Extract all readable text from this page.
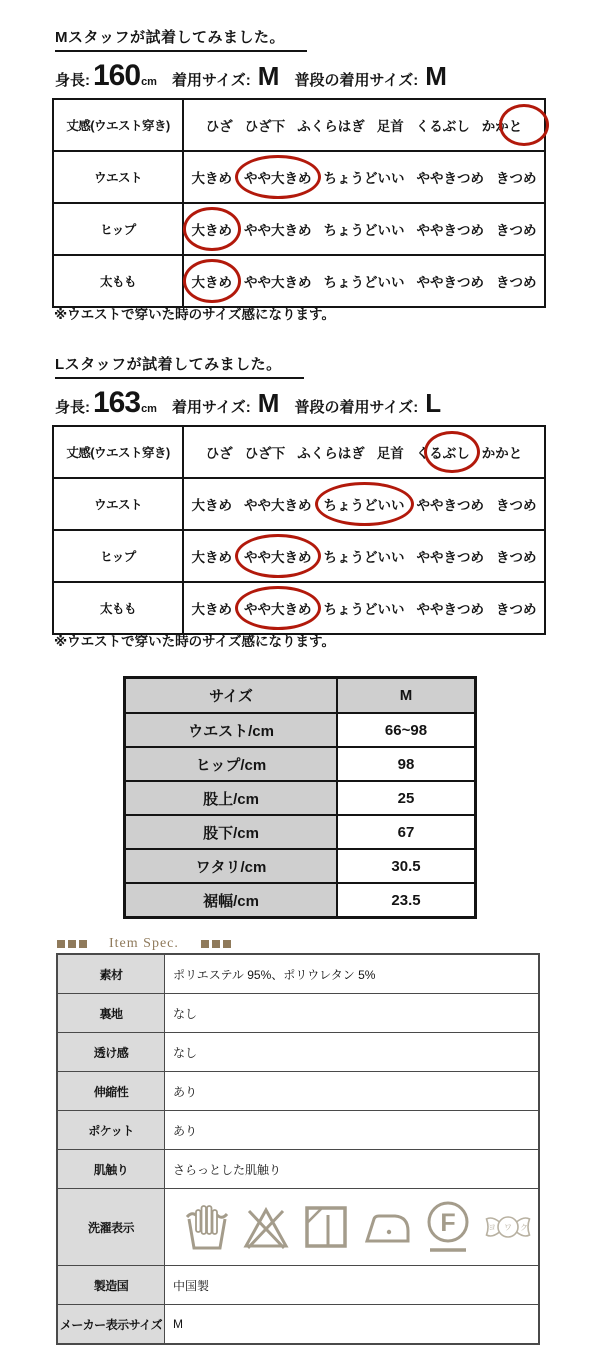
Mスタッフが試着してみました。
身長: 160 cm 着用サイズ: M 普段の着用サイズ: M
丈感(ウエスト穿き)	ひざ ひざ下 ふくらはぎ 足首 くるぶし かかと
ウエスト	大きめ やや大きめ ちょうどいい ややきつめ きつめ
ヒップ	大きめ やや大きめ ちょうどいい ややきつめ きつめ
太もも	大きめ やや大きめ ちょうどいい ややきつめ きつめ
※ウエストで穿いた時のサイズ感になります。
Lスタッフが試着してみました。
身長: 163 cm 着用サイズ: M 普段の着用サイズ: L
丈感(ウエスト穿き)	ひざ ひざ下 ふくらはぎ 足首 くるぶし かかと
ウエスト	大きめ やや大きめ ちょうどいい ややきつめ きつめ
ヒップ	大きめ やや大きめ ちょうどいい ややきつめ きつめ
太もも	大きめ やや大きめ ちょうどいい ややきつめ きつめ
※ウエストで穿いた時のサイズ感になります。
サイズ	M
ウエスト/cm	66~98
ヒップ/cm	98
股上/cm	25
股下/cm	67
ワタリ/cm	30.5
裾幅/cm	23.5
Item Spec.
素材	ポリエステル 95%、ポリウレタン 5%
裏地	なし
透け感	なし
伸縮性	あり
ポケット	あり
肌触り	さらっとした肌触り
洗濯表示	F ヨ ワ ク

製造国	中国製
メーカー表示サイズ	M
